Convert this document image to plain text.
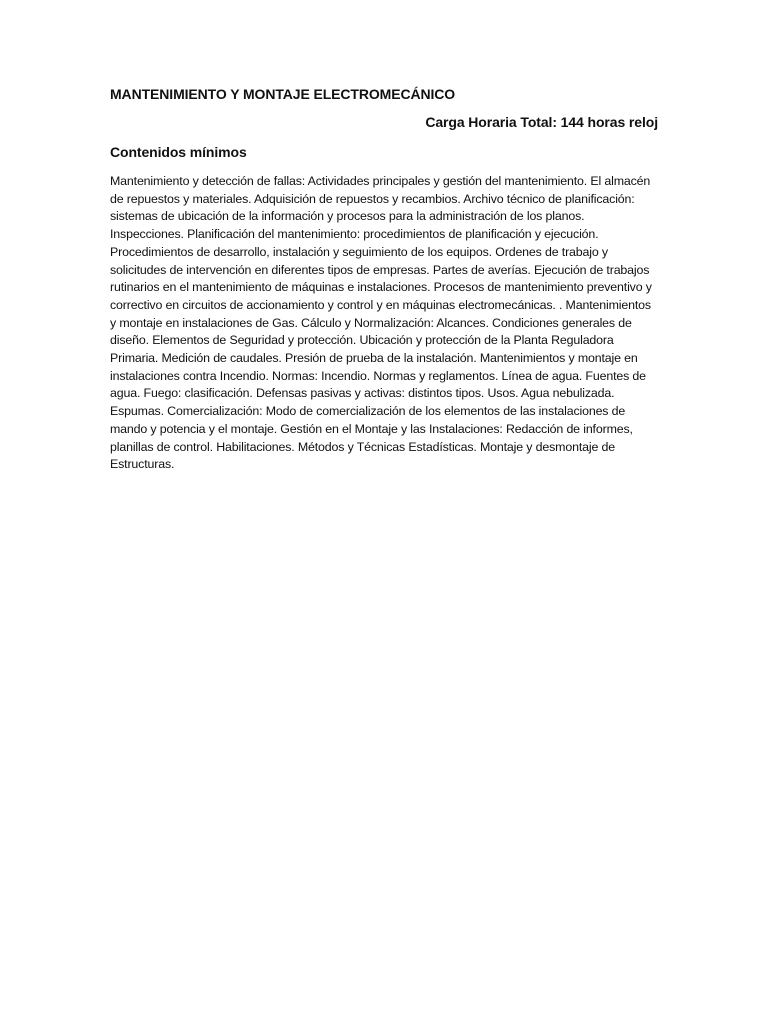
MANTENIMIENTO Y MONTAJE ELECTROMECÁNICO

Carga Horaria Total: 144 horas reloj

Contenidos mínimos

Mantenimiento y detección de fallas: Actividades principales y gestión del mantenimiento. El almacén de repuestos y materiales. Adquisición de repuestos y recambios. Archivo técnico de planificación: sistemas de ubicación de la información y procesos para la administración de los planos. Inspecciones. Planificación del mantenimiento: procedimientos de planificación y ejecución. Procedimientos de desarrollo, instalación y seguimiento de los equipos. Ordenes de trabajo y solicitudes de intervención en diferentes tipos de empresas. Partes de averías. Ejecución de trabajos rutinarios en el mantenimiento de máquinas e instalaciones. Procesos de mantenimiento preventivo y correctivo en circuitos de accionamiento y control y en máquinas electromecánicas. . Mantenimientos y montaje en instalaciones de Gas. Cálculo y Normalización: Alcances. Condiciones generales de diseño. Elementos de Seguridad y protección. Ubicación y protección de la Planta Reguladora Primaria. Medición de caudales. Presión de prueba de la instalación. Mantenimientos y montaje en instalaciones contra Incendio. Normas: Incendio. Normas y reglamentos. Línea de agua. Fuentes de agua. Fuego: clasificación. Defensas pasivas y activas: distintos tipos. Usos. Agua nebulizada. Espumas. Comercialización: Modo de comercialización de los elementos de las instalaciones de mando y potencia y el montaje. Gestión en el Montaje y las Instalaciones: Redacción de informes, planillas de control. Habilitaciones. Métodos y Técnicas Estadísticas. Montaje y desmontaje de Estructuras.
